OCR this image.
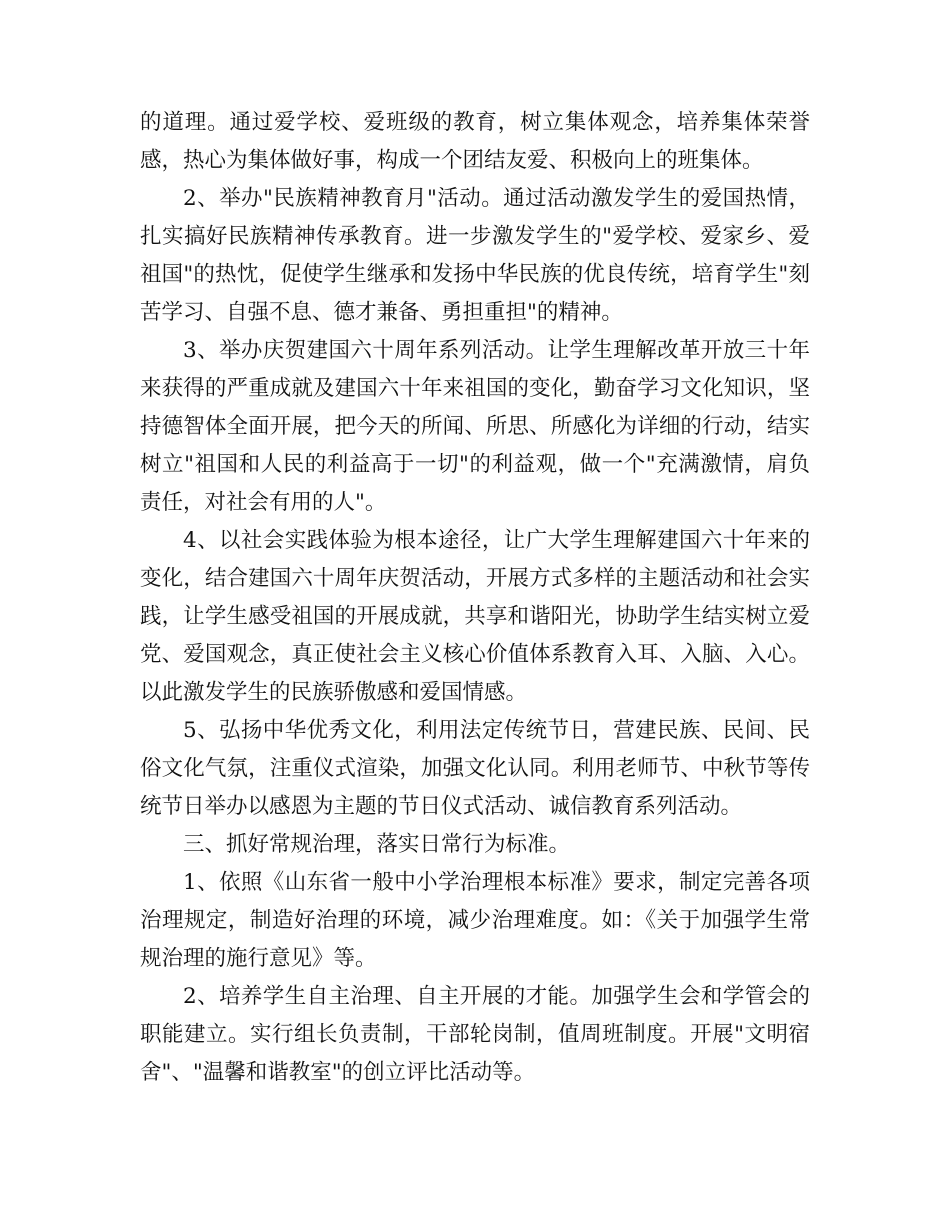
的道理。通过爱学校、爱班级的教育，树立集体观念，培养集体荣誉感，热心为集体做好事，构成一个团结友爱、积极向上的班集体。

2、举办"民族精神教育月"活动。通过活动激发学生的爱国热情，扎实搞好民族精神传承教育。进一步激发学生的"爱学校、爱家乡、爱祖国"的热忱，促使学生继承和发扬中华民族的优良传统，培育学生"刻苦学习、自强不息、德才兼备、勇担重担"的精神。

3、举办庆贺建国六十周年系列活动。让学生理解改革开放三十年来获得的严重成就及建国六十年来祖国的变化，勤奋学习文化知识，坚持德智体全面开展，把今天的所闻、所思、所感化为详细的行动，结实树立"祖国和人民的利益高于一切"的利益观，做一个"充满激情，肩负责任，对社会有用的人"。

4、以社会实践体验为根本途径，让广大学生理解建国六十年来的变化，结合建国六十周年庆贺活动，开展方式多样的主题活动和社会实践，让学生感受祖国的开展成就，共享和谐阳光，协助学生结实树立爱党、爱国观念，真正使社会主义核心价值体系教育入耳、入脑、入心。以此激发学生的民族骄傲感和爱国情感。

5、弘扬中华优秀文化，利用法定传统节日，营建民族、民间、民俗文化气氛，注重仪式渲染，加强文化认同。利用老师节、中秋节等传统节日举办以感恩为主题的节日仪式活动、诚信教育系列活动。

三、抓好常规治理，落实日常行为标准。

1、依照《山东省一般中小学治理根本标准》要求，制定完善各项治理规定，制造好治理的环境，减少治理难度。如：《关于加强学生常规治理的施行意见》等。

2、培养学生自主治理、自主开展的才能。加强学生会和学管会的职能建立。实行组长负责制，干部轮岗制，值周班制度。开展"文明宿舍"、"温馨和谐教室"的创立评比活动等。
